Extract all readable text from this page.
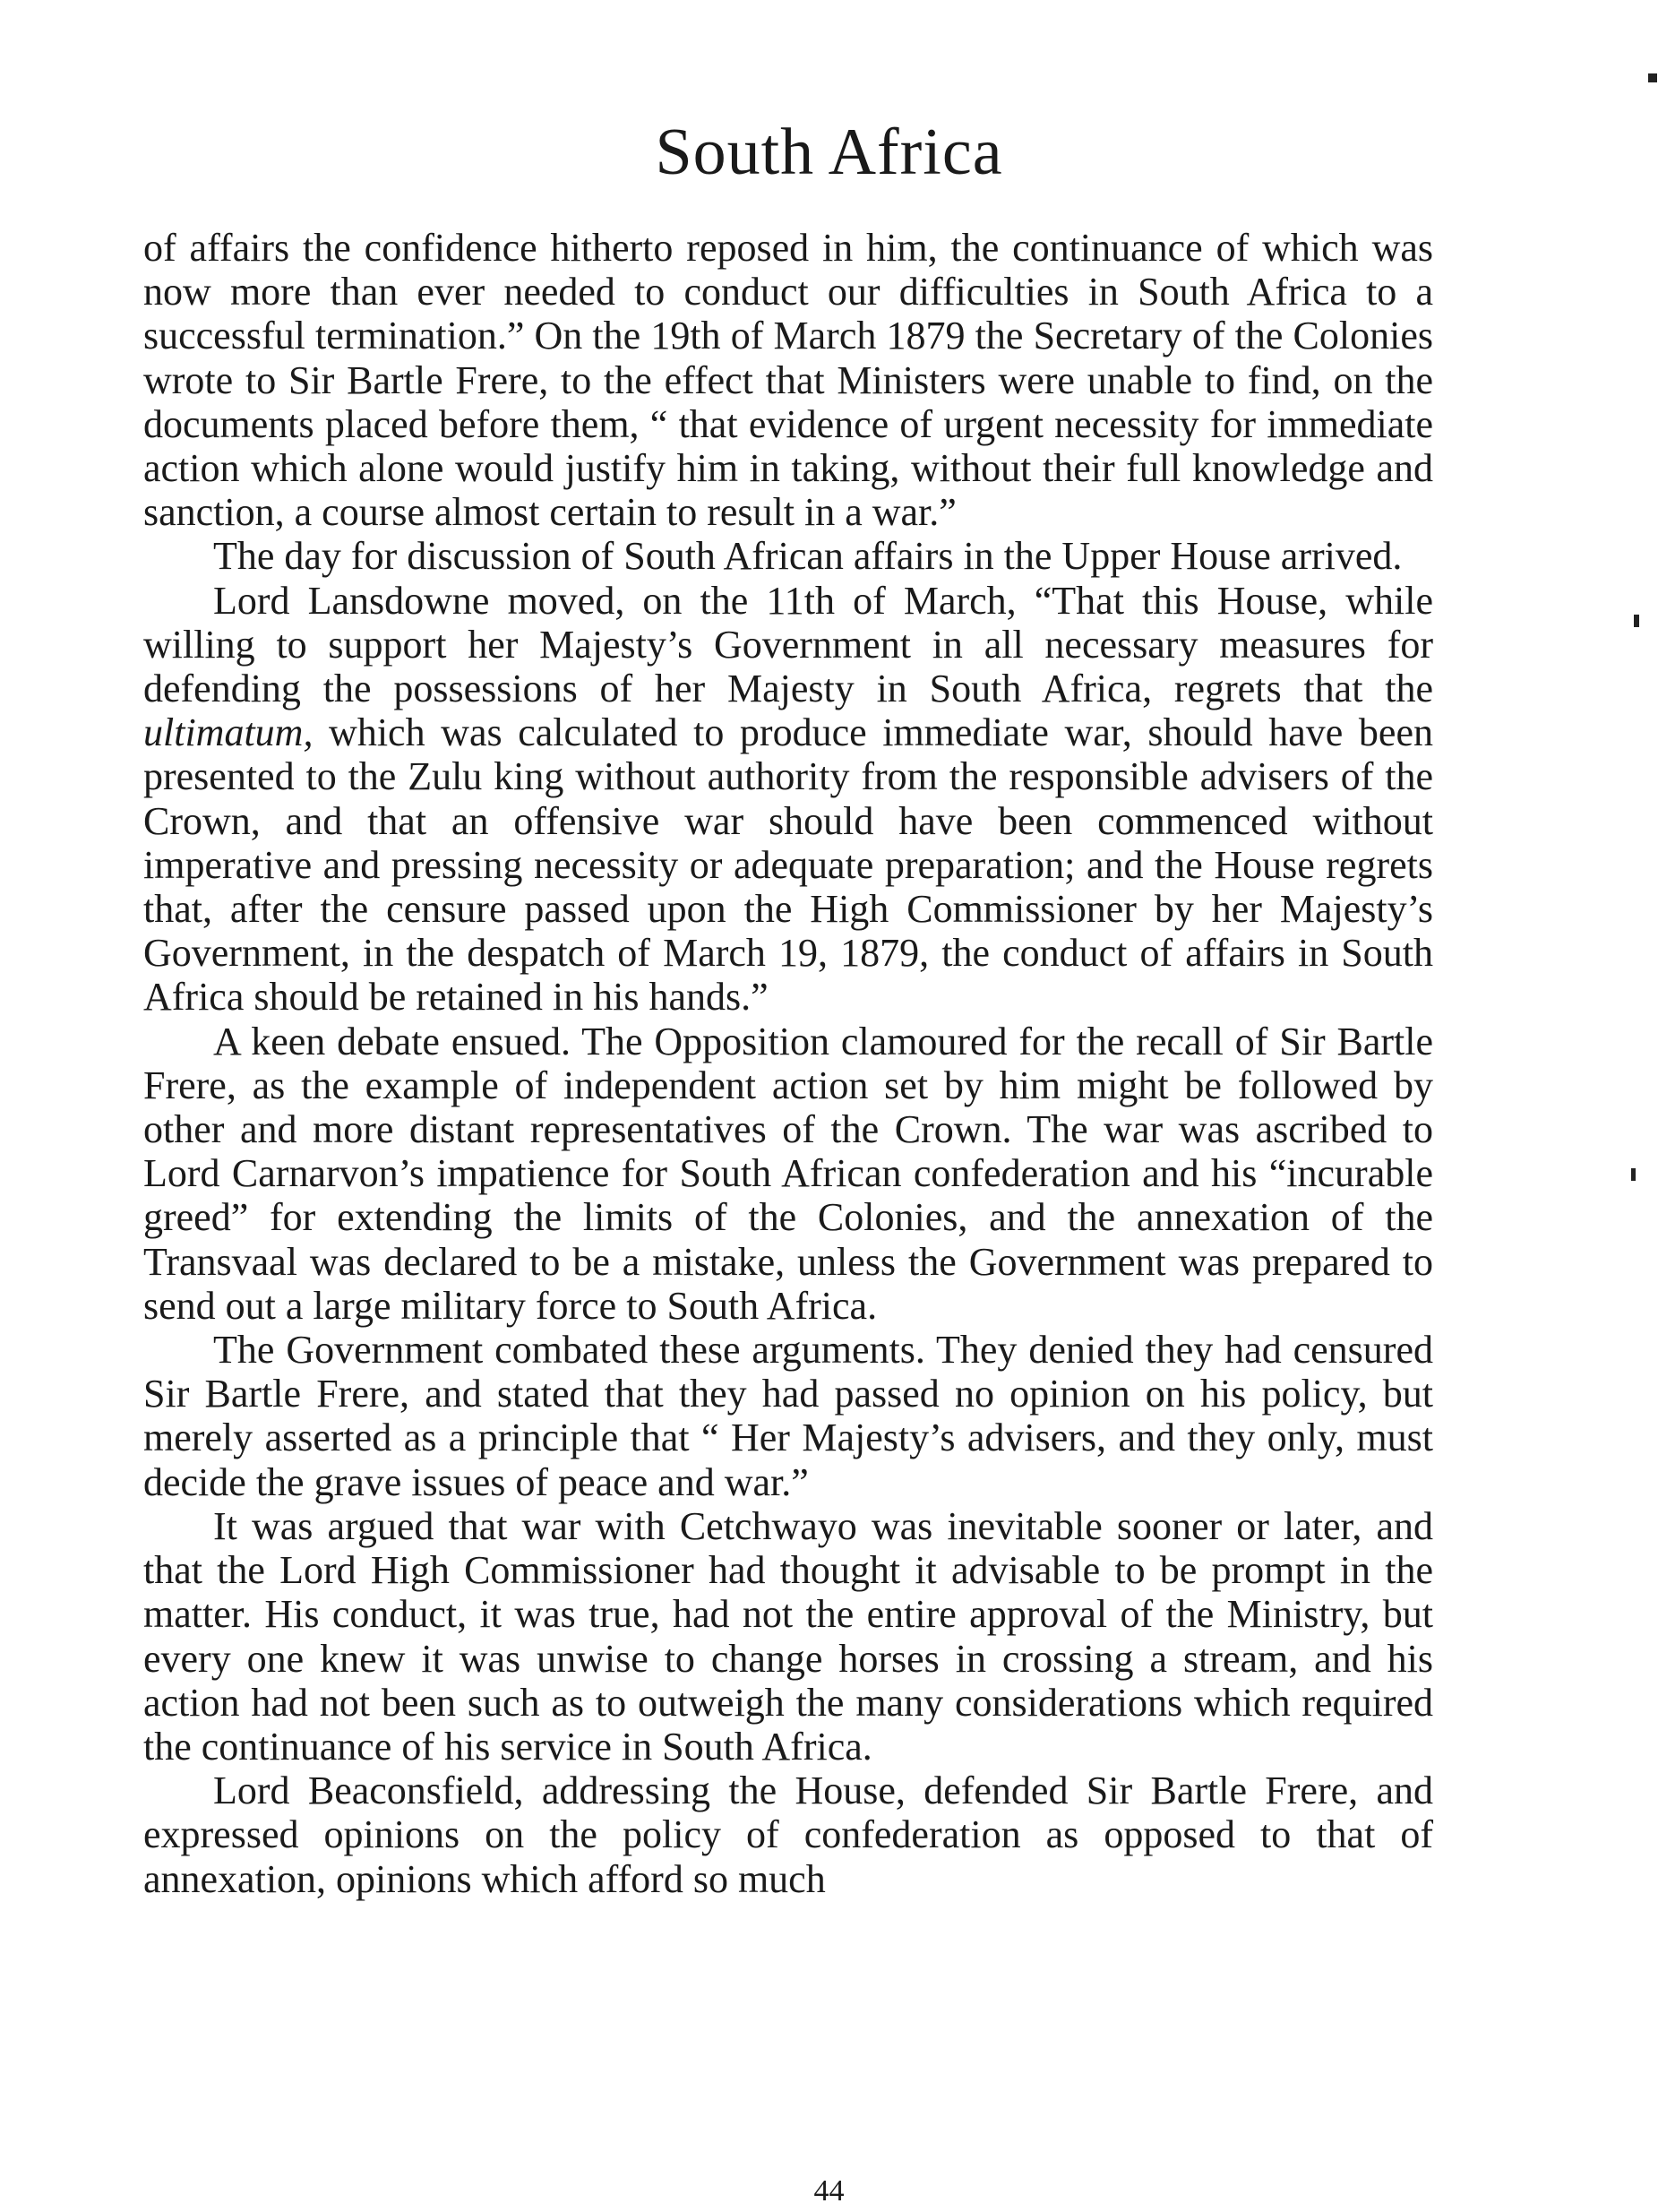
South Africa

of affairs the confidence hitherto reposed in him, the continuance of which was now more than ever needed to conduct our difficulties in South Africa to a successful termination.” On the 19th of March 1879 the Secretary of the Colonies wrote to Sir Bartle Frere, to the effect that Ministers were unable to find, on the documents placed before them, “ that evidence of urgent necessity for immediate action which alone would justify him in taking, without their full knowledge and sanction, a course almost certain to result in a war.”

The day for discussion of South African affairs in the Upper House arrived.

Lord Lansdowne moved, on the 11th of March, “That this House, while willing to support her Majesty’s Government in all necessary measures for defending the possessions of her Majesty in South Africa, regrets that the ultimatum, which was calculated to produce immediate war, should have been presented to the Zulu king without authority from the responsible advisers of the Crown, and that an offensive war should have been commenced without imperative and pressing necessity or adequate preparation; and the House regrets that, after the censure passed upon the High Commissioner by her Majesty’s Government, in the despatch of March 19, 1879, the conduct of affairs in South Africa should be retained in his hands.”

A keen debate ensued. The Opposition clamoured for the recall of Sir Bartle Frere, as the example of independent action set by him might be followed by other and more distant representatives of the Crown. The war was ascribed to Lord Carnarvon’s impatience for South African confederation and his “incurable greed” for extending the limits of the Colonies, and the annexation of the Transvaal was declared to be a mistake, unless the Government was prepared to send out a large military force to South Africa.

The Government combated these arguments. They denied they had censured Sir Bartle Frere, and stated that they had passed no opinion on his policy, but merely asserted as a principle that “ Her Majesty’s advisers, and they only, must decide the grave issues of peace and war.”

It was argued that war with Cetchwayo was inevitable sooner or later, and that the Lord High Commissioner had thought it advisable to be prompt in the matter. His conduct, it was true, had not the entire approval of the Ministry, but every one knew it was unwise to change horses in crossing a stream, and his action had not been such as to outweigh the many considerations which required the continuance of his service in South Africa.

Lord Beaconsfield, addressing the House, defended Sir Bartle Frere, and expressed opinions on the policy of confederation as opposed to that of annexation, opinions which afford so much

44
